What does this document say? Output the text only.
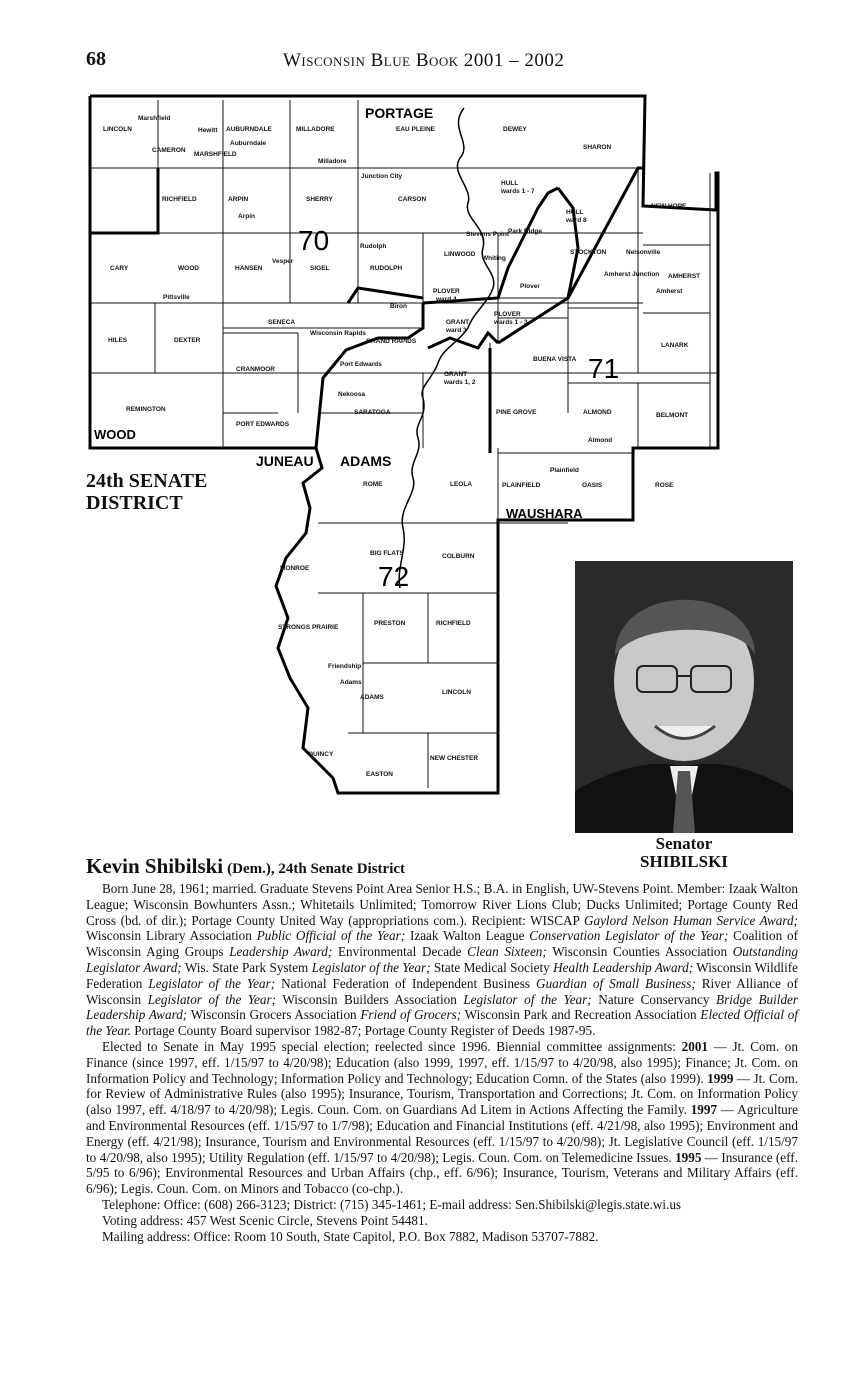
68	Wisconsin Blue Book 2001 – 2002
PORTAGE
WOOD
JUNEAU ADAMS
WAUSHARA
70
71
72
LINCOLN
Marshfield
CAMERON
MARSHFIELD
Hewitt AUBURNDALE
Auburndale
MILLADORE
Milladore
EAU PLEINE	DEWEY
SHARON
RICHFIELD	ARPIN
Arpin
SHERRY
Junction City
CARSON
HULL
wards 1 - 7
HULL
ward 8
NEW HOPE
CARY	WOOD	HANSEN
Vesper
SIGEL
Rudolph
RUDOLPH
LINWOOD
Stevens Point Park Ridge
Whiting
STOCKTON	Nelsonville
Amherst Junction
Amherst
AMHERST
Pittsville
Biron
PLOVER
ward 4
Plover
HILES	DEXTER
SENECA
Wisconsin Rapids
GRAND RAPIDS
GRANT
ward 3
PLOVER
wards 1 - 3
LANARK
CRANMOOR
Port Edwards
GRANT
wards 1, 2
BUENA VISTA
REMINGTON
Nekoosa
SARATOGA	PINE GROVE	ALMOND	BELMONT
PORT EDWARDS
Almond
ROME	LEOLA
Plainfield
PLAINFIELD	OASIS	ROSE
BIG FLATS	COLBURN
MONROE
STRONGS PRAIRIE
PRESTON	RICHFIELD
Friendship
Adams
ADAMS
LINCOLN
QUINCY
NEW CHESTER
EASTON
24th SENATE
DISTRICT
Senator
SHIBILSKI
Kevin Shibilski (Dem.), 24th Senate District

Born June 28, 1961; married. Graduate Stevens Point Area Senior H.S.; B.A. in English, UW-Stevens Point. Member: Izaak Walton League; Wisconsin Bowhunters Assn.; Whitetails Unlimited; Tomorrow River Lions Club; Ducks Unlimited; Portage County Red Cross (bd. of dir.); Portage County United Way (appropriations com.). Recipient: WISCAP Gaylord Nelson Human Service Award; Wisconsin Library Association Public Official of the Year; Izaak Walton League Conservation Legislator of the Year; Coalition of Wisconsin Aging Groups Leadership Award; Environmental Decade Clean Sixteen; Wisconsin Counties Association Outstanding Legislator Award; Wis. State Park System Legislator of the Year; State Medical Society Health Leadership Award; Wisconsin Wildlife Federation Legislator of the Year; National Federation of Independent Business Guardian of Small Business; River Alliance of Wisconsin Legislator of the Year; Wisconsin Builders Association Legislator of the Year; Nature Conservancy Bridge Builder Leadership Award; Wisconsin Grocers Association Friend of Grocers; Wisconsin Park and Recreation Association Elected Official of the Year. Portage County Board supervisor 1982-87; Portage County Register of Deeds 1987-95.

Elected to Senate in May 1995 special election; reelected since 1996. Biennial committee assignments: 2001 — Jt. Com. on Finance (since 1997, eff. 1/15/97 to 4/20/98); Education (also 1999, 1997, eff. 1/15/97 to 4/20/98, also 1995); Finance; Jt. Com. on Information Policy and Technology; Information Policy and Technology; Education Comn. of the States (also 1999). 1999 — Jt. Com. for Review of Administrative Rules (also 1995); Insurance, Tourism, Transportation and Corrections; Jt. Com. on Information Policy (also 1997, eff. 4/18/97 to 4/20/98); Legis. Coun. Com. on Guardians Ad Litem in Actions Affecting the Family. 1997 — Agriculture and Environmental Resources (eff. 1/15/97 to 1/7/98); Education and Financial Institutions (eff. 4/21/98, also 1995); Environment and Energy (eff. 4/21/98); Insurance, Tourism and Environmental Resources (eff. 1/15/97 to 4/20/98); Jt. Legislative Council (eff. 1/15/97 to 4/20/98, also 1995); Utility Regulation (eff. 1/15/97 to 4/20/98); Legis. Coun. Com. on Telemedicine Issues. 1995 — Insurance (eff. 5/95 to 6/96); Environmental Resources and Urban Affairs (chp., eff. 6/96); Insurance, Tourism, Veterans and Military Affairs (eff. 6/96); Legis. Coun. Com. on Minors and Tobacco (co-chp.).

Telephone: Office: (608) 266-3123; District: (715) 345-1461; E-mail address: Sen.Shibilski@legis.state.wi.us

Voting address: 457 West Scenic Circle, Stevens Point 54481.

Mailing address: Office: Room 10 South, State Capitol, P.O. Box 7882, Madison 53707-7882.
